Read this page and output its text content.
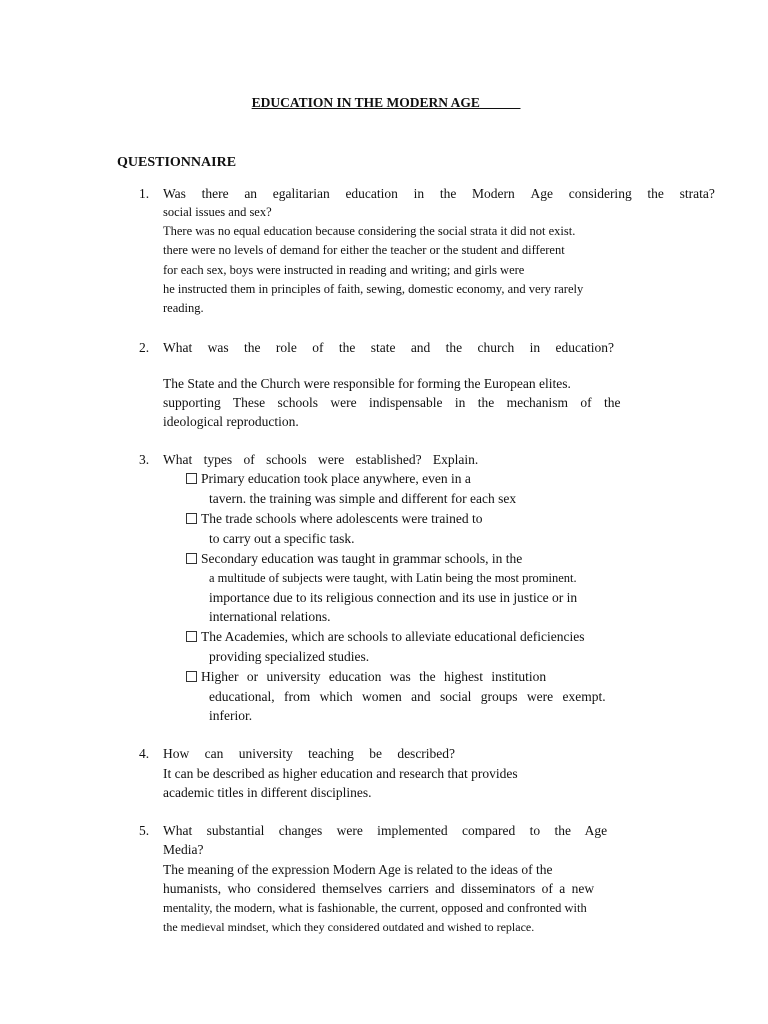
EDUCATION IN THE MODERN AGE ______
QUESTIONNAIRE
1. Was there an egalitarian education in the Modern Age considering the strata?
social issues and sex?
There was no equal education because considering the social strata it did not exist.
there were no levels of demand for either the teacher or the student and different
for each sex, boys were instructed in reading and writing; and girls were
he instructed them in principles of faith, sewing, domestic economy, and very rarely
reading.
2. What was the role of the state and the church in education?
The State and the Church were responsible for forming the European elites.
supporting These schools were indispensable in the mechanism of the
ideological reproduction.
3. What types of schools were established? Explain.
Primary education took place anywhere, even in a
tavern. the training was simple and different for each sex
The trade schools where adolescents were trained to
to carry out a specific task.
Secondary education was taught in grammar schools, in the
a multitude of subjects were taught, with Latin being the most prominent.
importance due to its religious connection and its use in justice or in
international relations.
The Academies, which are schools to alleviate educational deficiencies
providing specialized studies.
Higher or university education was the highest institution
educational, from which women and social groups were exempt.
inferior.
4. How can university teaching be described?
It can be described as higher education and research that provides
academic titles in different disciplines.
5. What substantial changes were implemented compared to the Age
Media?
The meaning of the expression Modern Age is related to the ideas of the
humanists, who considered themselves carriers and disseminators of a new
mentality, the modern, what is fashionable, the current, opposed and confronted with
the medieval mindset, which they considered outdated and wished to replace.
